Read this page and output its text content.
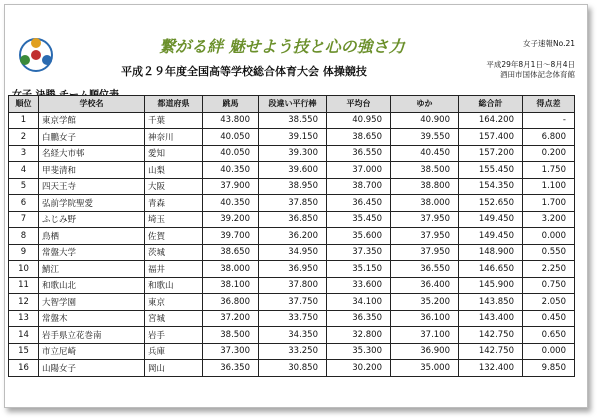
繋がる絆 魅せよう技と心の強さ力	女子速報No.21
平成２９年度全国高等学校総合体育大会 体操競技
平成29年8月1日～8月4日
酒田市国体記念体育館
順位	学校名	都道府県	跳馬	段違い平行棒	平均台	ゆか	総合計	得点差
1	東京学館	千葉	43.800	38.550	40.950	40.900	164.200	-
2	白鵬女子	神奈川	40.050	39.150	38.650	39.550	157.400	6.800
3	名経大市邨	愛知	40.050	39.300	36.550	40.450	157.200	0.200
4	甲斐清和	山梨	40.350	39.600	37.000	38.500	155.450	1.750
5	四天王寺	大阪	37.900	38.950	38.700	38.800	154.350	1.100
6	弘前学院聖愛	青森	40.350	37.850	36.450	38.000	152.650	1.700
7	ふじみ野	埼玉	39.200	36.850	35.450	37.950	149.450	3.200
8	鳥栖	佐賀	39.700	36.200	35.600	37.950	149.450	0.000
9	常盤大学	茨城	38.650	34.950	37.350	37.950	148.900	0.550
10	鯖江	福井	38.000	36.950	35.150	36.550	146.650	2.250
11	和歌山北	和歌山	38.100	37.800	33.600	36.400	145.900	0.750
12	大智学園	東京	36.800	37.750	34.100	35.200	143.850	2.050
13	常盤木	宮城	37.200	33.750	36.350	36.100	143.400	0.450
14	岩手県立花巻南	岩手	38.500	34.350	32.800	37.100	142.750	0.650
15	市立尼崎	兵庫	37.300	33.250	35.300	36.900	142.750	0.000
16	山陽女子	岡山	36.350	30.850	30.200	35.000	132.400	9.850
